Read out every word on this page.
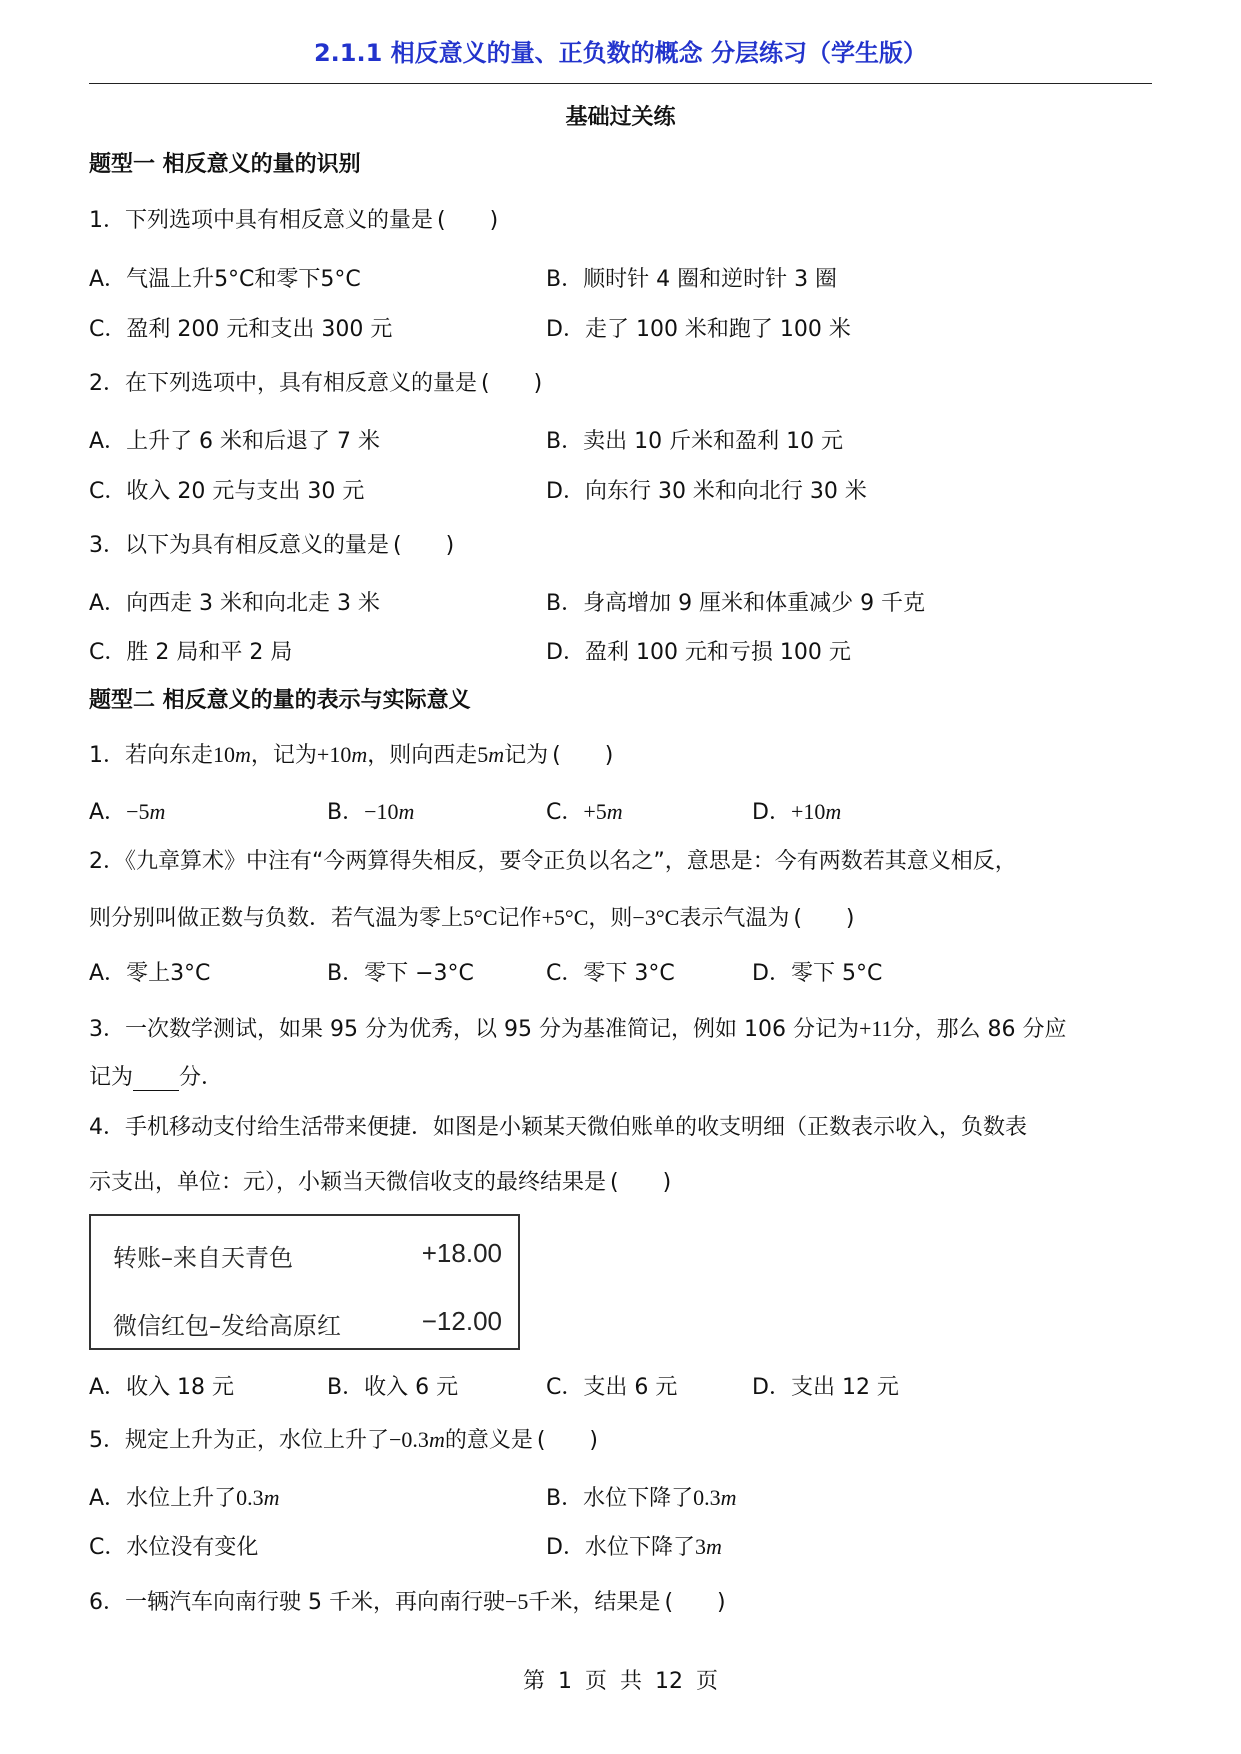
2.1.1 相反意义的量、正负数的概念 分层练习（学生版）
基础过关练
题型一 相反意义的量的识别
1．下列选项中具有相反意义的量是 (　　)
A．气温上升5°C和零下5°C	B．顺时针 4 圈和逆时针 3 圈
C．盈利 200 元和支出 300 元	D．走了 100 米和跑了 100 米
2．在下列选项中，具有相反意义的量是 (　　)
A．上升了 6 米和后退了 7 米	B．卖出 10 斤米和盈利 10 元
C．收入 20 元与支出 30 元	D．向东行 30 米和向北行 30 米
3．以下为具有相反意义的量是 (　　)
A．向西走 3 米和向北走 3 米	B．身高增加 9 厘米和体重减少 9 千克
C．胜 2 局和平 2 局	D．盈利 100 元和亏损 100 元
题型二 相反意义的量的表示与实际意义
1．若向东走10m，记为+10m，则向西走5m记为 (　　)
A．−5m	B．−10m	C．+5m	D．+10m
2．《九章算术》中注有“今两算得失相反，要令正负以名之”，意思是：今有两数若其意义相反，
则分别叫做正数与负数．若气温为零上5°C记作+5°C，则−3°C表示气温为 (　　)
A．零上3°C	B．零下 −3°C	C．零下 3°C	D．零下 5°C
3．一次数学测试，如果 95 分为优秀，以 95 分为基准简记，例如 106 分记为+11分，那么 86 分应
记为 分．
4．手机移动支付给生活带来便捷．如图是小颖某天微伯账单的收支明细（正数表示收入，负数表
示支出，单位：元），小颖当天微信收支的最终结果是 (　　)
转账–来自天青色	+18.00
微信红包–发给高原红	−12.00
A．收入 18 元	B．收入 6 元	C．支出 6 元	D．支出 12 元
5．规定上升为正，水位上升了−0.3m的意义是 (　　)
A．水位上升了0.3m	B．水位下降了0.3m
C．水位没有变化	D．水位下降了3m
6．一辆汽车向南行驶 5 千米，再向南行驶−5千米，结果是 (　　)
第 1 页 共 12 页
